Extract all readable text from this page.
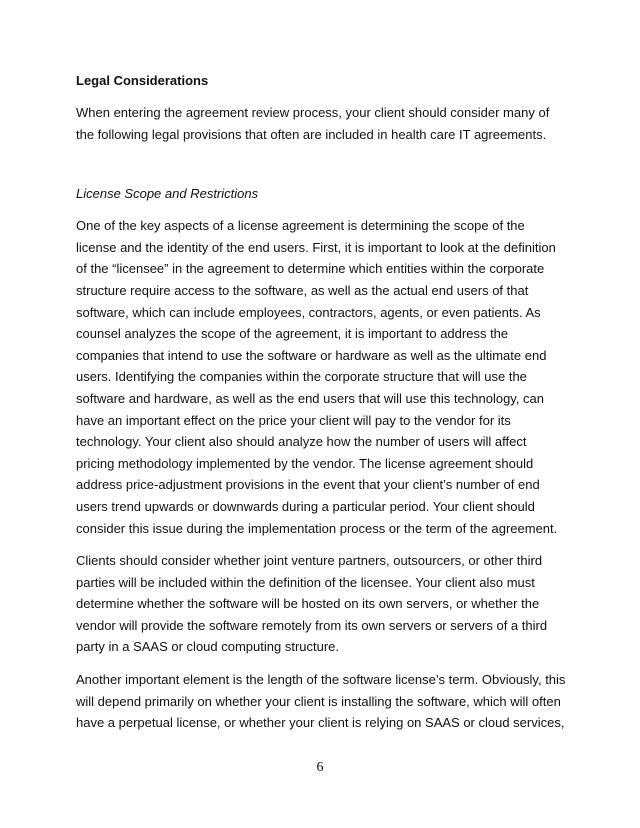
Legal Considerations
When entering the agreement review process, your client should consider many of the following legal provisions that often are included in health care IT agreements.
License Scope and Restrictions
One of the key aspects of a license agreement is determining the scope of the license and the identity of the end users. First, it is important to look at the definition of the “licensee” in the agreement to determine which entities within the corporate structure require access to the software, as well as the actual end users of that software, which can include employees, contractors, agents, or even patients. As counsel analyzes the scope of the agreement, it is important to address the companies that intend to use the software or hardware as well as the ultimate end users. Identifying the companies within the corporate structure that will use the software and hardware, as well as the end users that will use this technology, can have an important effect on the price your client will pay to the vendor for its technology. Your client also should analyze how the number of users will affect pricing methodology implemented by the vendor. The license agreement should address price-adjustment provisions in the event that your client’s number of end users trend upwards or downwards during a particular period. Your client should consider this issue during the implementation process or the term of the agreement.
Clients should consider whether joint venture partners, outsourcers, or other third parties will be included within the definition of the licensee. Your client also must determine whether the software will be hosted on its own servers, or whether the vendor will provide the software remotely from its own servers or servers of a third party in a SAAS or cloud computing structure.
Another important element is the length of the software license’s term. Obviously, this will depend primarily on whether your client is installing the software, which will often have a perpetual license, or whether your client is relying on SAAS or cloud services,
6
